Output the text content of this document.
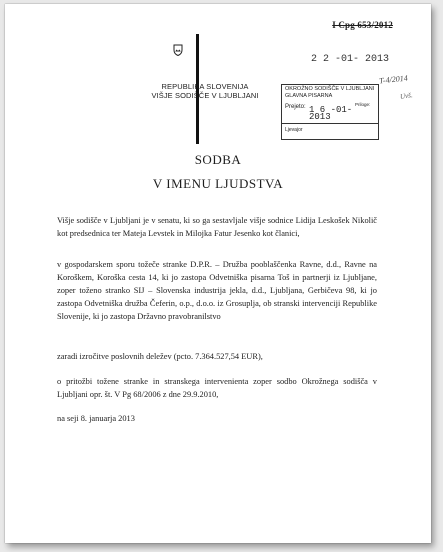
I Cpg 653/2012
REPUBLIKA SLOVENIJA
VIŠJE SODIŠČE V LJUBLJANI
2 2 -01- 2013
T-4/2014
Uvš.
OKROŽNO SODIŠČE V LJUBLJANI
GLAVNA PISARNA
Prejeto: 1 6 -01- 2013
Priloge:
Ljevajor
SODBA
V IMENU LJUDSTVA
Višje sodišče v Ljubljani je v senatu, ki so ga sestavljale višje sodnice Lidija Leskošek Nikolič kot predsednica ter Mateja Levstek in Milojka Fatur Jesenko kot članici,
v gospodarskem sporu tožeče stranke D.P.R. – Družba pooblaščenka Ravne, d.d., Ravne na Koroškem, Koroška cesta 14, ki jo zastopa Odvetniška pisarna Toš in partnerji iz Ljubljane, zoper toženo stranko SIJ – Slovenska industrija jekla, d.d., Ljubljana, Gerbičeva 98, ki jo zastopa Odvetniška družba Čeferin, o.p., d.o.o. iz Grosuplja, ob stranski intervenciji Republike Slovenije, ki jo zastopa Državno pravobranilstvo
zaradi izročitve poslovnih deležev (pcto. 7.364.527,54 EUR),
o pritožbi tožene stranke in stranskega intervenienta zoper sodbo Okrožnega sodišča v Ljubljani opr. št. V Pg 68/2006 z dne 29.9.2010,
na seji 8. januarja 2013
